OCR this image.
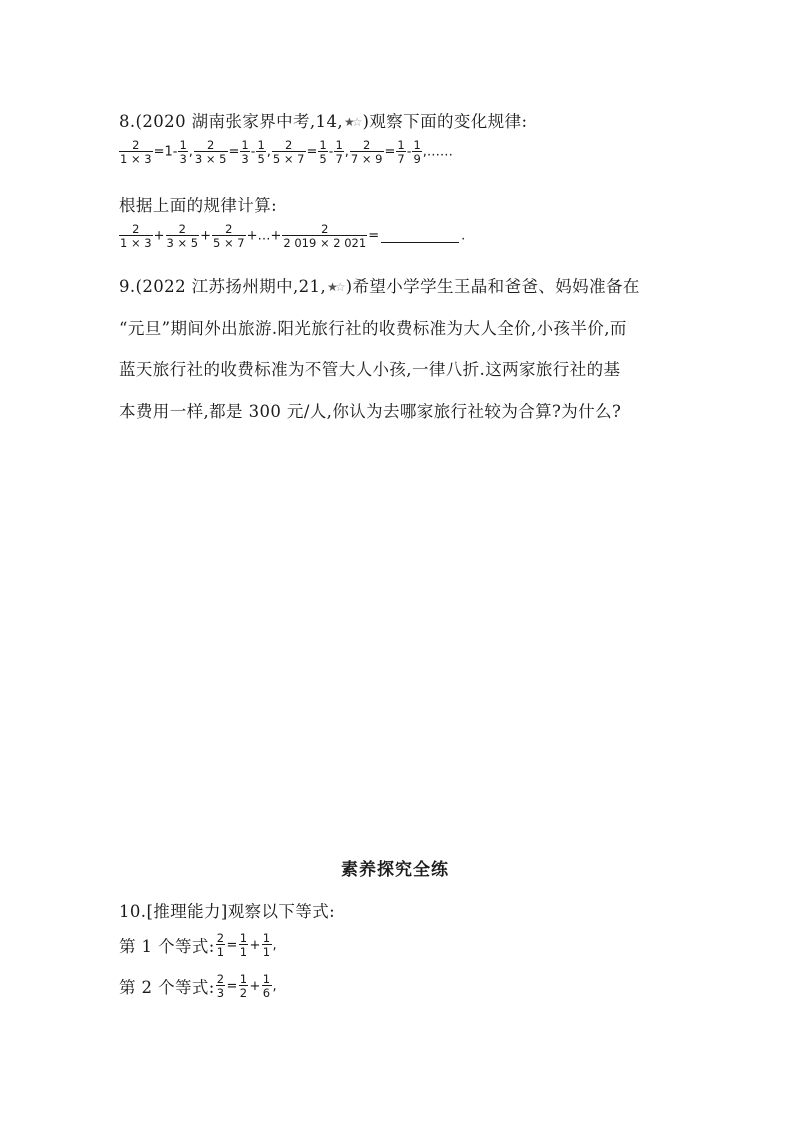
8.(2020 湖南张家界中考,14,★☆ )观察下面的变化规律:
$\frac{2}{1 \times 3} =1- \frac{1}{3}$ , $\frac{2}{3 \times 5} = \frac{1}{3} - \frac{1}{5}$ , $\frac{2}{5 \times 7} = \frac{1}{5} - \frac{1}{7}$ , $\frac{2}{7 \times 9} = \frac{1}{7} - \frac{1}{9}$ ,……
根据上面的规律计算:
$\frac{2}{1 \times 3} + \frac{2}{3 \times 5} + \frac{2}{5 \times 7}$ +…+ $\frac{2}{2 019 \times 2 021}$ =	.
9.(2022 江苏扬州期中,21,★☆ )希望小学学生王晶和爸爸、妈妈准备在
“元旦”期间外出旅游.阳光旅行社的收费标准为大人全价,小孩半价,而
蓝天旅行社的收费标准为不管大人小孩,一律八折.这两家旅行社的基
本费用一样,都是 300 元/人,你认为去哪家旅行社较为合算?为什么?
素养探究全练
10.[推理能力]观察以下等式:
第 1 个等式: $\frac{2}{1} = \frac{1}{1} + \frac{1}{1}$ ,
第 2 个等式: $\frac{2}{3} = \frac{1}{2} + \frac{1}{6}$ ,
